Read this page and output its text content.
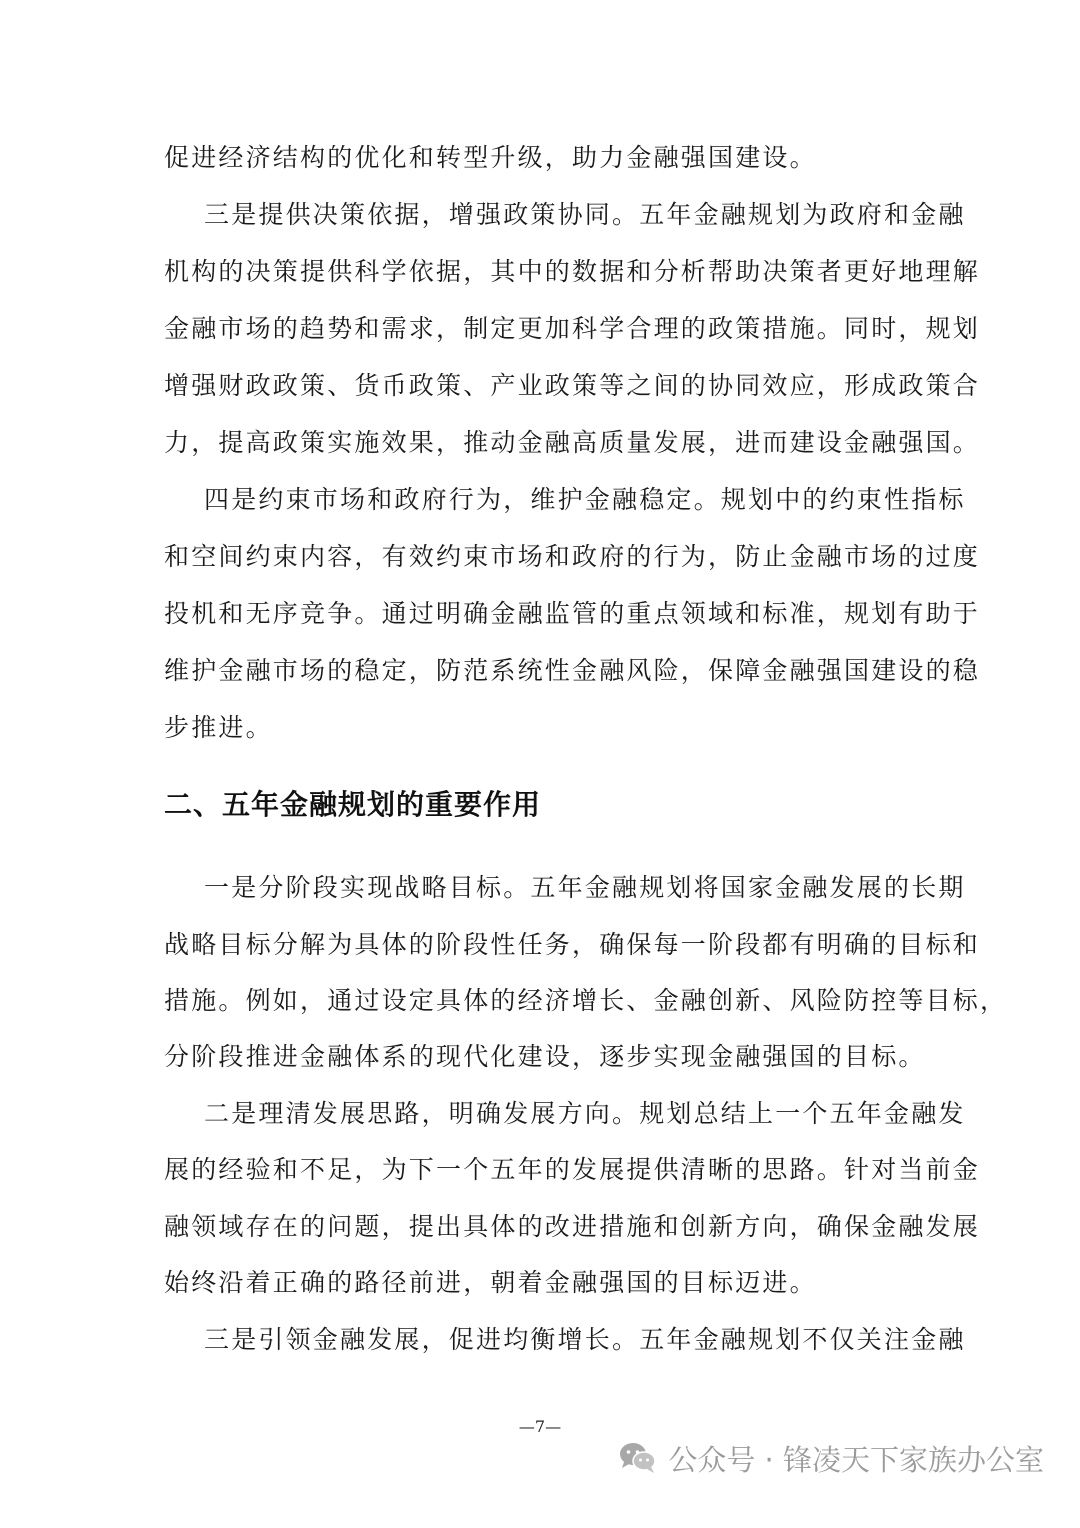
促进经济结构的优化和转型升级，助力金融强国建设。
三是提供决策依据，增强政策协同。五年金融规划为政府和金融
机构的决策提供科学依据，其中的数据和分析帮助决策者更好地理解
金融市场的趋势和需求，制定更加科学合理的政策措施。同时，规划
增强财政政策、货币政策、产业政策等之间的协同效应，形成政策合
力，提高政策实施效果，推动金融高质量发展，进而建设金融强国。
四是约束市场和政府行为，维护金融稳定。规划中的约束性指标
和空间约束内容，有效约束市场和政府的行为，防止金融市场的过度
投机和无序竞争。通过明确金融监管的重点领域和标准，规划有助于
维护金融市场的稳定，防范系统性金融风险，保障金融强国建设的稳
步推进。
二、五年金融规划的重要作用
一是分阶段实现战略目标。五年金融规划将国家金融发展的长期
战略目标分解为具体的阶段性任务，确保每一阶段都有明确的目标和
措施。例如，通过设定具体的经济增长、金融创新、风险防控等目标，
分阶段推进金融体系的现代化建设，逐步实现金融强国的目标。
二是理清发展思路，明确发展方向。规划总结上一个五年金融发
展的经验和不足，为下一个五年的发展提供清晰的思路。针对当前金
融领域存在的问题，提出具体的改进措施和创新方向，确保金融发展
始终沿着正确的路径前进，朝着金融强国的目标迈进。
三是引领金融发展，促进均衡增长。五年金融规划不仅关注金融
—7—
公众号 · 锋凌天下家族办公室
